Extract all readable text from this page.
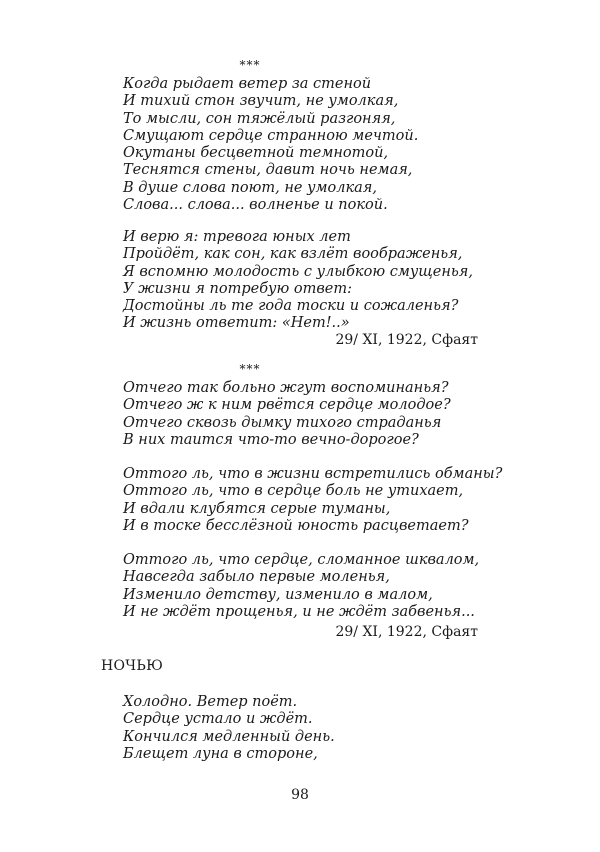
***
Когда рыдает ветер за стеной
И тихий стон звучит, не умолкая,
То мысли, сон тяжёлый разгоняя,
Смущают сердце странною мечтой.
Окутаны бесцветной темнотой,
Теснятся стены, давит ночь немая,
В душе слова поют, не умолкая,
Слова... слова... волненье и покой.
И верю я: тревога юных лет
Пройдёт, как сон, как взлёт воображенья,
Я вспомню молодость с улыбкою смущенья,
У жизни я потребую ответ:
Достойны ль те года тоски и сожаленья?
И жизнь ответит: «Нет!..»
29/ XI, 1922, Сфаят
***
Отчего так больно жгут воспоминанья?
Отчего ж к ним рвётся сердце молодое?
Отчего сквозь дымку тихого страданья
В них таится что-то вечно-дорогое?
Оттого ль, что в жизни встретились обманы?
Оттого ль, что в сердце боль не утихает,
И вдали клубятся серые туманы,
И в тоске бесслёзной юность расцветает?
Оттого ль, что сердце, сломанное шквалом,
Навсегда забыло первые моленья,
Изменило детству, изменило в малом,
И не ждёт прощенья, и не ждёт забвенья...
29/ XI, 1922, Сфаят
НОЧЬЮ
Холодно. Ветер поёт.
Сердце устало и ждёт.
Кончился медленный день.
Блещет луна в стороне,
98
